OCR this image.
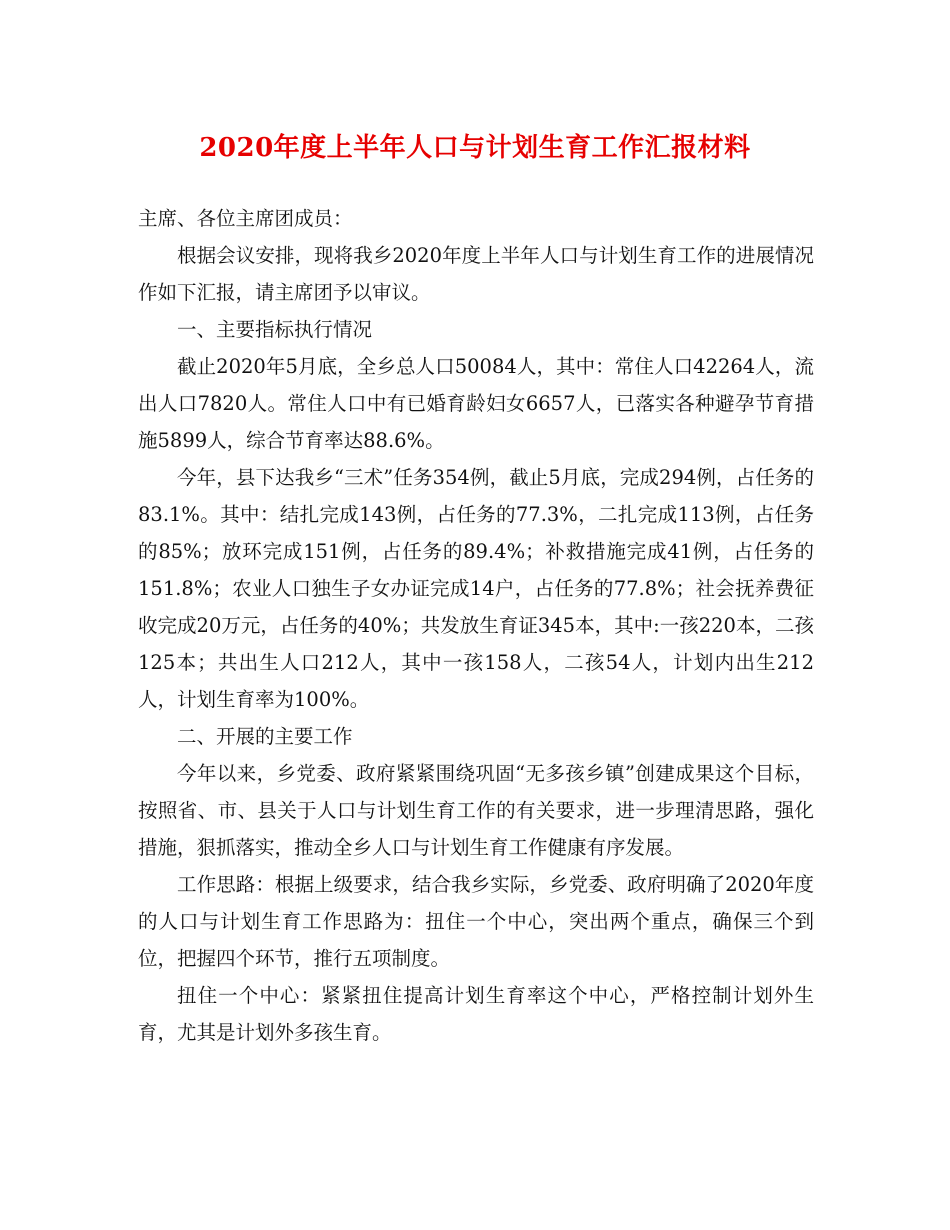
2020年度上半年人口与计划生育工作汇报材料

主席、各位主席团成员：

根据会议安排，现将我乡2020年度上半年人口与计划生育工作的进展情况作如下汇报，请主席团予以审议。

一、主要指标执行情况

截止2020年5月底，全乡总人口50084人，其中：常住人口42264人，流出人口7820人。常住人口中有已婚育龄妇女6657人，已落实各种避孕节育措施5899人，综合节育率达88.6%。

今年，县下达我乡“三术”任务354例，截止5月底，完成294例，占任务的83.1%。其中：结扎完成143例，占任务的77.3%，二扎完成113例，占任务的85%；放环完成151例，占任务的89.4%；补救措施完成41例，占任务的151.8%；农业人口独生子女办证完成14户，占任务的77.8%；社会抚养费征收完成20万元，占任务的40%；共发放生育证345本，其中:一孩220本，二孩125本；共出生人口212人，其中一孩158人，二孩54人，计划内出生212人，计划生育率为100%。

二、开展的主要工作

今年以来，乡党委、政府紧紧围绕巩固“无多孩乡镇”创建成果这个目标，按照省、市、县关于人口与计划生育工作的有关要求，进一步理清思路，强化措施，狠抓落实，推动全乡人口与计划生育工作健康有序发展。

工作思路：根据上级要求，结合我乡实际，乡党委、政府明确了2020年度的人口与计划生育工作思路为：扭住一个中心，突出两个重点，确保三个到位，把握四个环节，推行五项制度。

扭住一个中心：紧紧扭住提高计划生育率这个中心，严格控制计划外生育，尤其是计划外多孩生育。
